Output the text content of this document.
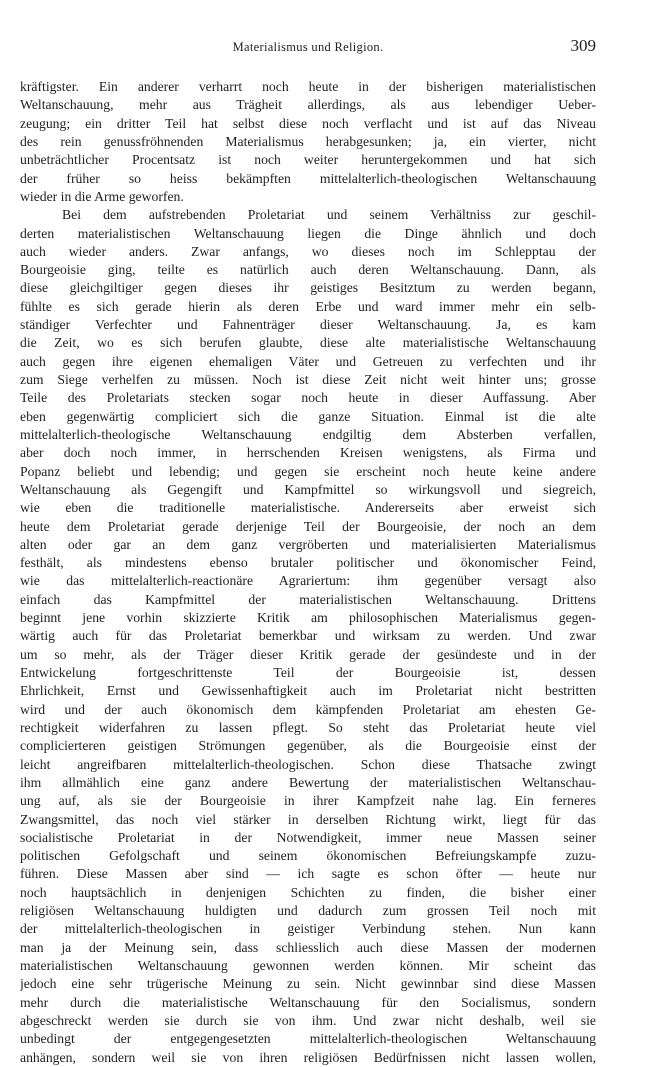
Materialismus und Religion.	309
kräftigster. Ein anderer verharrt noch heute in der bisherigen materialistischen
Weltanschauung, mehr aus Trägheit allerdings, als aus lebendiger Ueber-
zeugung; ein dritter Teil hat selbst diese noch verflacht und ist auf das Niveau
des rein genussfröhnenden Materialismus herabgesunken; ja, ein vierter, nicht
unbeträchtlicher Procentsatz ist noch weiter heruntergekommen und hat sich
der früher so heiss bekämpften mittelalterlich-theologischen Weltanschauung
wieder in die Arme geworfen.
Bei dem aufstrebenden Proletariat und seinem Verhältniss zur geschil-
derten materialistischen Weltanschauung liegen die Dinge ähnlich und doch
auch wieder anders. Zwar anfangs, wo dieses noch im Schlepptau der
Bourgeoisie ging, teilte es natürlich auch deren Weltanschauung. Dann, als
diese gleichgiltiger gegen dieses ihr geistiges Besitztum zu werden begann,
fühlte es sich gerade hierin als deren Erbe und ward immer mehr ein selb-
ständiger Verfechter und Fahnenträger dieser Weltanschauung. Ja, es kam
die Zeit, wo es sich berufen glaubte, diese alte materialistische Weltanschauung
auch gegen ihre eigenen ehemaligen Väter und Getreuen zu verfechten und ihr
zum Siege verhelfen zu müssen. Noch ist diese Zeit nicht weit hinter uns; grosse
Teile des Proletariats stecken sogar noch heute in dieser Auffassung. Aber
eben gegenwärtig compliciert sich die ganze Situation. Einmal ist die alte
mittelalterlich-theologische Weltanschauung endgiltig dem Absterben verfallen,
aber doch noch immer, in herrschenden Kreisen wenigstens, als Firma und
Popanz beliebt und lebendig; und gegen sie erscheint noch heute keine andere
Weltanschauung als Gegengift und Kampfmittel so wirkungsvoll und siegreich,
wie eben die traditionelle materialistische. Andererseits aber erweist sich
heute dem Proletariat gerade derjenige Teil der Bourgeoisie, der noch an dem
alten oder gar an dem ganz vergröberten und materialisierten Materialismus
festhält, als mindestens ebenso brutaler politischer und ökonomischer Feind,
wie das mittelalterlich-reactionäre Agrariertum: ihm gegenüber versagt also
einfach das Kampfmittel der materialistischen Weltanschauung. Drittens
beginnt jene vorhin skizzierte Kritik am philosophischen Materialismus gegen-
wärtig auch für das Proletariat bemerkbar und wirksam zu werden. Und zwar
um so mehr, als der Träger dieser Kritik gerade der gesündeste und in der
Entwickelung fortgeschrittenste Teil der Bourgeoisie ist, dessen
Ehrlichkeit, Ernst und Gewissenhaftigkeit auch im Proletariat nicht bestritten
wird und der auch ökonomisch dem kämpfenden Proletariat am ehesten Ge-
rechtigkeit widerfahren zu lassen pflegt. So steht das Proletariat heute viel
complicierteren geistigen Strömungen gegenüber, als die Bourgeoisie einst der
leicht angreifbaren mittelalterlich-theologischen. Schon diese Thatsache zwingt
ihm allmählich eine ganz andere Bewertung der materialistischen Weltanschau-
ung auf, als sie der Bourgeoisie in ihrer Kampfzeit nahe lag. Ein ferneres
Zwangsmittel, das noch viel stärker in derselben Richtung wirkt, liegt für das
socialistische Proletariat in der Notwendigkeit, immer neue Massen seiner
politischen Gefolgschaft und seinem ökonomischen Befreiungskampfe zuzu-
führen. Diese Massen aber sind — ich sagte es schon öfter — heute nur
noch hauptsächlich in denjenigen Schichten zu finden, die bisher einer
religiösen Weltanschauung huldigten und dadurch zum grossen Teil noch mit
der mittelalterlich-theologischen in geistiger Verbindung stehen. Nun kann
man ja der Meinung sein, dass schliesslich auch diese Massen der modernen
materialistischen Weltanschauung gewonnen werden können. Mir scheint das
jedoch eine sehr trügerische Meinung zu sein. Nicht gewinnbar sind diese Massen
mehr durch die materialistische Weltanschauung für den Socialismus, sondern
abgeschreckt werden sie durch sie von ihm. Und zwar nicht deshalb, weil sie
unbedingt der entgegengesetzten mittelalterlich-theologischen Weltanschauung
anhängen, sondern weil sie von ihren religiösen Bedürfnissen nicht lassen wollen,
